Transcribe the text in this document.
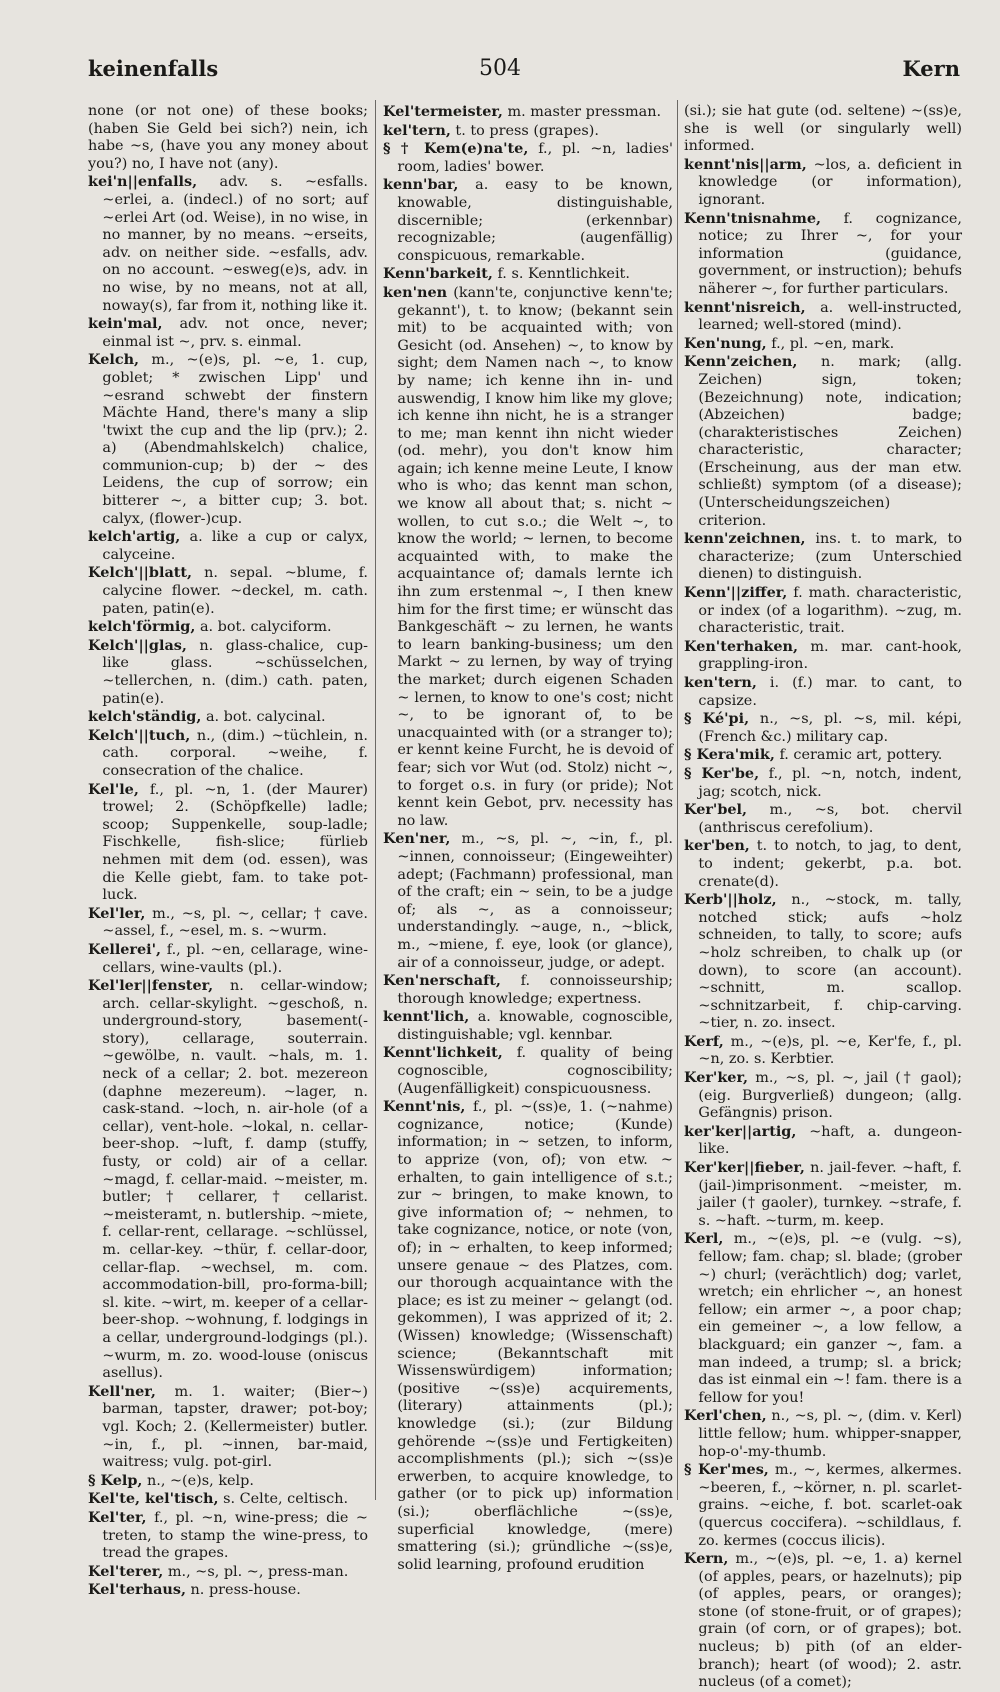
keinenfalls	504	Kern

none (or not one) of these books; (haben Sie Geld bei sich?) nein, ich habe ~s, (have you any money about you?) no, I have not (any).

kei'n||enfalls, adv. s. ~esfalls. ~erlei, a. (indecl.) of no sort; auf ~erlei Art (od. Weise), in no wise, in no manner, by no means. ~erseits, adv. on neither side. ~esfalls, adv. on no account. ~esweg(e)s, adv. in no wise, by no means, not at all, noway(s), far from it, nothing like it.

kein'mal, adv. not once, never; einmal ist ~, prv. s. einmal.

Kelch, m., ~(e)s, pl. ~e, 1. cup, goblet; * zwischen Lipp' und ~esrand schwebt der finstern Mächte Hand, there's many a slip 'twixt the cup and the lip (prv.); 2. a) (Abendmahlskelch) chalice, communion-cup; b) der ~ des Leidens, the cup of sorrow; ein bitterer ~, a bitter cup; 3. bot. calyx, (flower-)cup.

kelch'artig, a. like a cup or calyx, calyceine.

Kelch'||blatt, n. sepal. ~blume, f. calycine flower. ~deckel, m. cath. paten, patin(e).

kelch'förmig, a. bot. calyciform.

Kelch'||glas, n. glass-chalice, cup-like glass. ~schüsselchen, ~tellerchen, n. (dim.) cath. paten, patin(e).

kelch'ständig, a. bot. calycinal.

Kelch'||tuch, n., (dim.) ~tüchlein, n. cath. corporal. ~weihe, f. consecration of the chalice.

Kel'le, f., pl. ~n, 1. (der Maurer) trowel; 2. (Schöpfkelle) ladle; scoop; Suppenkelle, soup-ladle; Fischkelle, fish-slice; fürlieb nehmen mit dem (od. essen), was die Kelle giebt, fam. to take pot-luck.

Kel'ler, m., ~s, pl. ~, cellar; † cave. ~assel, f., ~esel, m. s. ~wurm.

Kellerei', f., pl. ~en, cellarage, wine-cellars, wine-vaults (pl.).

Kel'ler||fenster, n. cellar-window; arch. cellar-skylight. ~geschoß, n. underground-story, basement(-story), cellarage, souterrain. ~gewölbe, n. vault. ~hals, m. 1. neck of a cellar; 2. bot. mezereon (daphne mezereum). ~lager, n. cask-stand. ~loch, n. air-hole (of a cellar), vent-hole. ~lokal, n. cellar-beer-shop. ~luft, f. damp (stuffy, fusty, or cold) air of a cellar. ~magd, f. cellar-maid. ~meister, m. butler; † cellarer, † cellarist. ~meisteramt, n. butlership. ~miete, f. cellar-rent, cellarage. ~schlüssel, m. cellar-key. ~thür, f. cellar-door, cellar-flap. ~wechsel, m. com. accommodation-bill, pro-forma-bill; sl. kite. ~wirt, m. keeper of a cellar-beer-shop. ~wohnung, f. lodgings in a cellar, underground-lodgings (pl.). ~wurm, m. zo. wood-louse (oniscus asellus).

Kell'ner, m. 1. waiter; (Bier~) barman, tapster, drawer; pot-boy; vgl. Koch; 2. (Kellermeister) butler. ~in, f., pl. ~innen, bar-maid, waitress; vulg. pot-girl.

§ Kelp, n., ~(e)s, kelp.

Kel'te, kel'tisch, s. Celte, celtisch.

Kel'ter, f., pl. ~n, wine-press; die ~ treten, to stamp the wine-press, to tread the grapes.

Kel'terer, m., ~s, pl. ~, press-man.

Kel'terhaus, n. press-house.

Kel'termeister, m. master pressman.

kel'tern, t. to press (grapes).

§ † Kem(e)na'te, f., pl. ~n, ladies' room, ladies' bower.

kenn'bar, a. easy to be known, knowable, distinguishable, discernible; (erkennbar) recognizable; (augenfällig) conspicuous, remarkable.

Kenn'barkeit, f. s. Kenntlichkeit.

ken'nen (kann'te, conjunctive kenn'te; gekannt'), t. to know; (bekannt sein mit) to be acquainted with; von Gesicht (od. Ansehen) ~, to know by sight; dem Namen nach ~, to know by name; ich kenne ihn in- und auswendig, I know him like my glove; ich kenne ihn nicht, he is a stranger to me; man kennt ihn nicht wieder (od. mehr), you don't know him again; ich kenne meine Leute, I know who is who; das kennt man schon, we know all about that; s. nicht ~ wollen, to cut s.o.; die Welt ~, to know the world; ~ lernen, to become acquainted with, to make the acquaintance of; damals lernte ich ihn zum erstenmal ~, I then knew him for the first time; er wünscht das Bankgeschäft ~ zu lernen, he wants to learn banking-business; um den Markt ~ zu lernen, by way of trying the market; durch eigenen Schaden ~ lernen, to know to one's cost; nicht ~, to be ignorant of, to be unacquainted with (or a stranger to); er kennt keine Furcht, he is devoid of fear; sich vor Wut (od. Stolz) nicht ~, to forget o.s. in fury (or pride); Not kennt kein Gebot, prv. necessity has no law.

Ken'ner, m., ~s, pl. ~, ~in, f., pl. ~innen, connoisseur; (Eingeweihter) adept; (Fachmann) professional, man of the craft; ein ~ sein, to be a judge of; als ~, as a connoisseur; understandingly. ~auge, n., ~blick, m., ~miene, f. eye, look (or glance), air of a connoisseur, judge, or adept.

Ken'nerschaft, f. connoisseurship; thorough knowledge; expertness.

kennt'lich, a. knowable, cognoscible, distinguishable; vgl. kennbar.

Kennt'lichkeit, f. quality of being cognoscible, cognoscibility; (Augenfälligkeit) conspicuousness.

Kennt'nis, f., pl. ~(ss)e, 1. (~nahme) cognizance, notice; (Kunde) information; in ~ setzen, to inform, to apprize (von, of); von etw. ~ erhalten, to gain intelligence of s.t.; zur ~ bringen, to make known, to give information of; ~ nehmen, to take cognizance, notice, or note (von, of); in ~ erhalten, to keep informed; unsere genaue ~ des Platzes, com. our thorough acquaintance with the place; es ist zu meiner ~ gelangt (od. gekommen), I was apprized of it; 2. (Wissen) knowledge; (Wissenschaft) science; (Bekanntschaft mit Wissenswürdigem) information; (positive ~(ss)e) acquirements, (literary) attainments (pl.); knowledge (si.); (zur Bildung gehörende ~(ss)e und Fertigkeiten) accomplishments (pl.); sich ~(ss)e erwerben, to acquire knowledge, to gather (or to pick up) information (si.); oberflächliche ~(ss)e, superficial knowledge, (mere) smattering (si.); gründliche ~(ss)e, solid learning, profound erudition

(si.); sie hat gute (od. seltene) ~(ss)e, she is well (or singularly well) informed.

kennt'nis||arm, ~los, a. deficient in knowledge (or information), ignorant.

Kenn'tnisnahme, f. cognizance, notice; zu Ihrer ~, for your information (guidance, government, or instruction); behufs näherer ~, for further particulars.

kennt'nisreich, a. well-instructed, learned; well-stored (mind).

Ken'nung, f., pl. ~en, mark.

Kenn'zeichen, n. mark; (allg. Zeichen) sign, token; (Bezeichnung) note, indication; (Abzeichen) badge; (charakteristisches Zeichen) characteristic, character; (Erscheinung, aus der man etw. schließt) symptom (of a disease); (Unterscheidungszeichen) criterion.

kenn'zeichnen, ins. t. to mark, to characterize; (zum Unterschied dienen) to distinguish.

Kenn'||ziffer, f. math. characteristic, or index (of a logarithm). ~zug, m. characteristic, trait.

Ken'terhaken, m. mar. cant-hook, grappling-iron.

ken'tern, i. (f.) mar. to cant, to capsize.

§ Ké'pi, n., ~s, pl. ~s, mil. képi, (French &c.) military cap.

§ Kera'mik, f. ceramic art, pottery.

§ Ker'be, f., pl. ~n, notch, indent, jag; scotch, nick.

Ker'bel, m., ~s, bot. chervil (anthriscus cerefolium).

ker'ben, t. to notch, to jag, to dent, to indent; gekerbt, p.a. bot. crenate(d).

Kerb'||holz, n., ~stock, m. tally, notched stick; aufs ~holz schneiden, to tally, to score; aufs ~holz schreiben, to chalk up (or down), to score (an account). ~schnitt, m. scallop. ~schnitzarbeit, f. chip-carving. ~tier, n. zo. insect.

Kerf, m., ~(e)s, pl. ~e, Ker'fe, f., pl. ~n, zo. s. Kerbtier.

Ker'ker, m., ~s, pl. ~, jail († gaol); (eig. Burgverließ) dungeon; (allg. Gefängnis) prison.

ker'ker||artig, ~haft, a. dungeon-like.

Ker'ker||fieber, n. jail-fever. ~haft, f. (jail-)imprisonment. ~meister, m. jailer († gaoler), turnkey. ~strafe, f. s. ~haft. ~turm, m. keep.

Kerl, m., ~(e)s, pl. ~e (vulg. ~s), fellow; fam. chap; sl. blade; (grober ~) churl; (verächtlich) dog; varlet, wretch; ein ehrlicher ~, an honest fellow; ein armer ~, a poor chap; ein gemeiner ~, a low fellow, a blackguard; ein ganzer ~, fam. a man indeed, a trump; sl. a brick; das ist einmal ein ~! fam. there is a fellow for you!

Kerl'chen, n., ~s, pl. ~, (dim. v. Kerl) little fellow; hum. whipper-snapper, hop-o'-my-thumb.

§ Ker'mes, m., ~, kermes, alkermes. ~beeren, f., ~körner, n. pl. scarlet-grains. ~eiche, f. bot. scarlet-oak (quercus coccifera). ~schildlaus, f. zo. kermes (coccus ilicis).

Kern, m., ~(e)s, pl. ~e, 1. a) kernel (of apples, pears, or hazelnuts); pip (of apples, pears, or oranges); stone (of stone-fruit, or of grapes); grain (of corn, or of grapes); bot. nucleus; b) pith (of an elder-branch); heart (of wood); 2. astr. nucleus (of a comet);
